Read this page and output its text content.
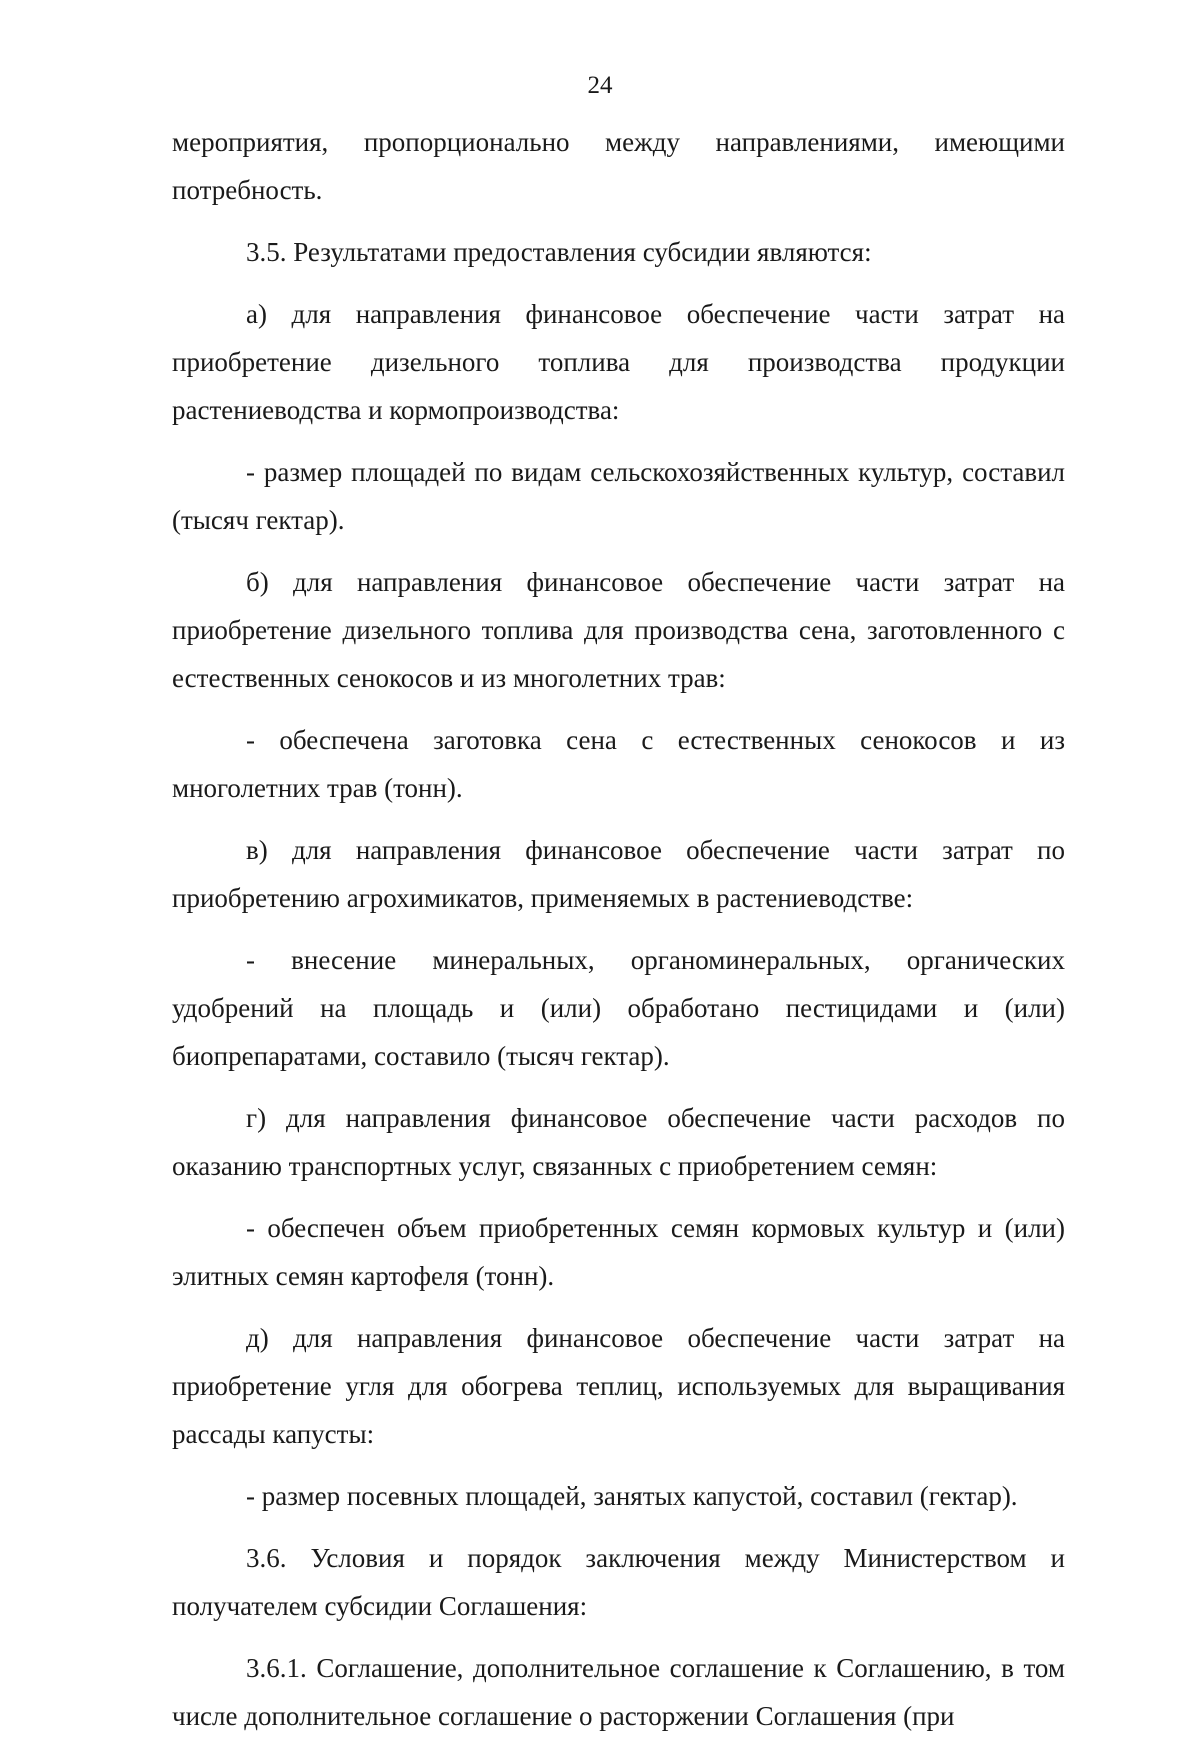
24

мероприятия, пропорционально между направлениями, имеющими потребность.

3.5. Результатами предоставления субсидии являются:

а) для направления финансовое обеспечение части затрат на приобретение дизельного топлива для производства продукции растениеводства и кормопроизводства:

- размер площадей по видам сельскохозяйственных культур, составил (тысяч гектар).

б) для направления финансовое обеспечение части затрат на приобретение дизельного топлива для производства сена, заготовленного с естественных сенокосов и из многолетних трав:

- обеспечена заготовка сена с естественных сенокосов и из многолетних трав (тонн).

в) для направления финансовое обеспечение части затрат по приобретению агрохимикатов, применяемых в растениеводстве:

- внесение минеральных, органоминеральных, органических удобрений на площадь и (или) обработано пестицидами и (или) биопрепаратами, составило (тысяч гектар).

г) для направления финансовое обеспечение части расходов по оказанию транспортных услуг, связанных с приобретением семян:

- обеспечен объем приобретенных семян кормовых культур и (или) элитных семян картофеля (тонн).

д) для направления финансовое обеспечение части затрат на приобретение угля для обогрева теплиц, используемых для выращивания рассады капусты:

- размер посевных площадей, занятых капустой, составил (гектар).

3.6. Условия и порядок заключения между Министерством и получателем субсидии Соглашения:

3.6.1. Соглашение, дополнительное соглашение к Соглашению, в том числе дополнительное соглашение о расторжении Соглашения (при
